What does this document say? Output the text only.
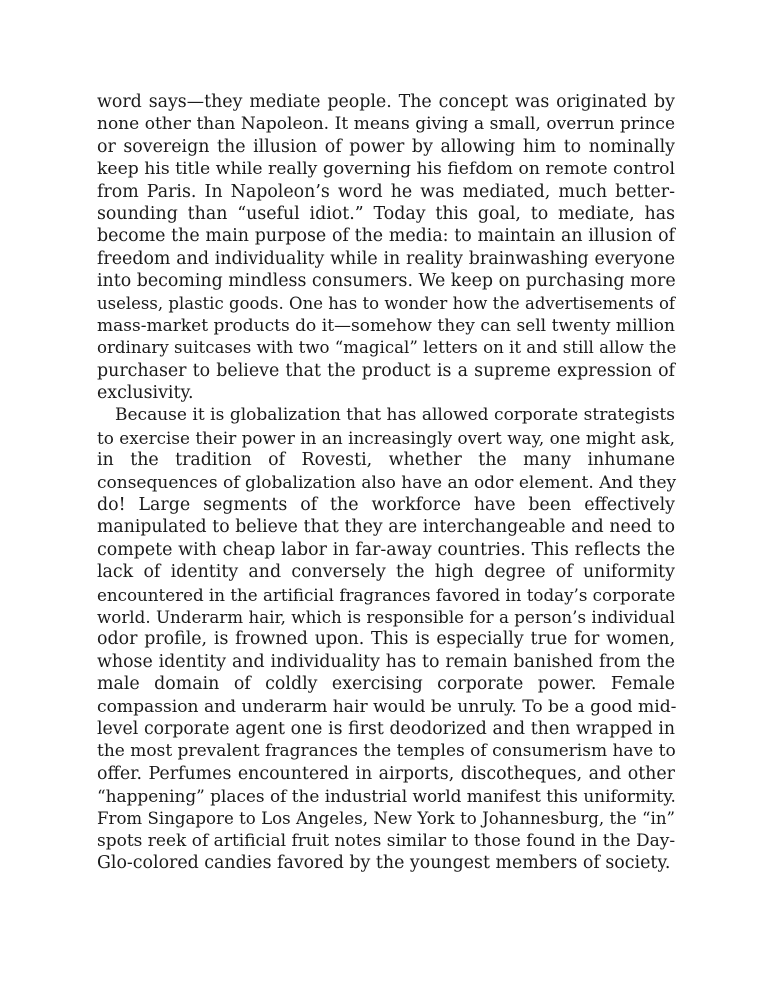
word says—they mediate people. The concept was originated by
none other than Napoleon. It means giving a small, overrun prince
or sovereign the illusion of power by allowing him to nominally
keep his title while really governing his fiefdom on remote control
from Paris. In Napoleon’s word he was mediated, much better-
sounding than “useful idiot.” Today this goal, to mediate, has
become the main purpose of the media: to maintain an illusion of
freedom and individuality while in reality brainwashing everyone
into becoming mindless consumers. We keep on purchasing more
useless, plastic goods. One has to wonder how the advertisements of
mass-market products do it—somehow they can sell twenty million
ordinary suitcases with two “magical” letters on it and still allow the
purchaser to believe that the product is a supreme expression of
exclusivity.
Because it is globalization that has allowed corporate strategists
to exercise their power in an increasingly overt way, one might ask,
in the tradition of Rovesti, whether the many inhumane
consequences of globalization also have an odor element. And they
do! Large segments of the workforce have been effectively
manipulated to believe that they are interchangeable and need to
compete with cheap labor in far-away countries. This reflects the
lack of identity and conversely the high degree of uniformity
encountered in the artificial fragrances favored in today’s corporate
world. Underarm hair, which is responsible for a person’s individual
odor profile, is frowned upon. This is especially true for women,
whose identity and individuality has to remain banished from the
male domain of coldly exercising corporate power. Female
compassion and underarm hair would be unruly. To be a good mid-
level corporate agent one is first deodorized and then wrapped in
the most prevalent fragrances the temples of consumerism have to
offer. Perfumes encountered in airports, discotheques, and other
“happening” places of the industrial world manifest this uniformity.
From Singapore to Los Angeles, New York to Johannesburg, the “in”
spots reek of artificial fruit notes similar to those found in the Day-
Glo-colored candies favored by the youngest members of society.
